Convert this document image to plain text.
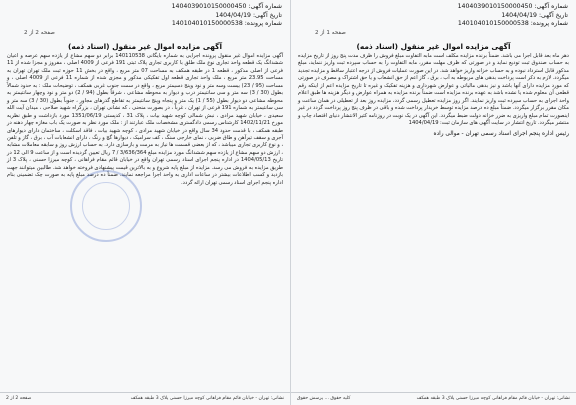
شماره آگهی: 1404039010150000450
تاریخ آگهی: 1404/04/19
شماره پرونده: 140104010150000538
صفحه 1 از 2
آگهی مزایده اموال غیر منقول (اسناد ذمه)
دهر ماه بعد قابل اجرا می باشد. ضمناً برنده مزایده مکلف است مابه التفاوت مبلغ فروش را ظرف مدت پنج روز از تاریخ مزایده به حساب صندوق ثبت تودیع نماید و در صورتی که ظرف مهلت مقرر، مابه التفاوت را به حساب سپرده ثبت واریز ننماید، مبلغ مذکور قابل استرداد نبوده و به حساب خزانه واریز خواهد شد. در این صورت عملیات فروش از درجه اعتبار ساقط و مزایده تجدید میگردد. لازم به ذکر است پرداخت بدهی های مربوطه به آب ، برق ، گاز اعم از حق انشعاب و یا حق اشتراک و مصرف در صورتی که مورد مزایده دارای آنها باشد و نیز بدهی مالیاتی و عوارض شهرداری و هزینه تفکیک و غیره تا تاریخ مزایده اعم از اینکه رقم قطعی آن معلوم شده یا نشده باشد به عهده برنده مزایده است ضمناً برنده مزایده به همراه عوارض و دیگر هزینه ها طبق اعلام واحد اجرای به حساب سپرده ثبت واریز نمایند. اگر روز مزایده تعطیل رسمی گردد، مزایده روز بعد از تعطیلی در همان ساعت و مکان مقرر برگزار میگردد. ضمناً مبلغ ده درصد مزایده توسط خریدار پرداخت شده و باقی در ظرف پنج روز پرداخت گردد در غیر اینصورت تمام مبلغ واریزی به ضرر خزانه دولت ضبط میگردد. این آگهی در یک نوبت در روزنامه کثیر الانتشار دنیای اقتصاد چاپ و منتشر میگردد. تاریخ انتشار در سایت آگهی های سازمان ثبت: 1404/04/19
رئیس اداره پنجم اجرای اسناد رسمی تهران - موالی راده
نشانی: تهران - خیابان قائم مقام فراهانی کوچه میرزا حسنی پلاک 3 طبقه همکف
کلیه حقوق ... پرسش حقوق
شماره آگهی: 1404039010150000450
تاریخ آگهی: 1404/04/19
شماره پرونده: 140104010150000538
صفحه 2 از 2
آگهی مزایده اموال غیر منقول (اسناد ذمه)
آگهی مزایده اموال غیر منقول پرونده اجرایی به شماره بایگانی 140110538 برابر دو سهم مشاع از یازده سهم عرصه و اعیان ششدانگ یک قطعه واحد تجاری نوع ملک طلق با کاربری تجاری پلاک ثبتی 191 فرعی از 4009 اصلی ، مفروز و مجزا شده از 11 فرعی از اصلی مذکور ، قطعه 1 در طبقه همکف به مساحت 07 متر مربع ، واقع در بخش 11 حوزه ثبت ملک تهران تهران به مساحت 23.95 متر مربع ، ملک واحد تجاری قطعه اول تفکیکی مذکور و مجزی شده از شماره 11 فرعی از 4009 اصلی ، و مساحت (95 / 23) بیست وسه متر و نود وپنج دسیمتر مربع ، واقع در سمت جنوب غربی همکف ، توضیحات ملک : به حدود شمالاً بطول (30 / 3) سه متر و سی سانتیمتر درب و دیوار به محوطه مشاعی ، شرقاً بطول (94 / 2) دو متر و نود وچهار سانتیمتر به محوطه مشاعی دو دیوار بطول (55 / 1) یک متر و پنجاه وپنج سانتیمتر به تقاطع گذرهای مجاور ، جنوباً بطول (30 / 3) سه متر و سی سانتیمتر به شماره 191 فرعی از تهران ، غرباً ، در بصورت منحنی ، که نشانی تهران ، بزرگراه شهید صلاحی ، میدان آیت الله سعیدی ، خیابان شهید مرادی ، نبش شمالی کوچه شهید بیات ، پلاک 31 ، کدپستی 1351/06/19 مورد بازداشت و طبق نظریه مورخ 1402/11/21 کارشناس رسمی دادگستری مشخصات ملک عبارتند از : ملک مورد نظر به صورت یک باب مغازه چهار دهنه در طبقه همکف ، با قدمت حدود 34 سال واقع در خیابان شهید مرادی ، کوچه شهید بیات ، فاقد اسکلت ، ساختمان دارای دیوارهای آجری و سقف تیرآهن و طاق ضربی ، نمای خارجی سنگ ، کف سرامیک ، دیوارها گچ و رنگ ، دارای انشعابات آب ، برق ، گاز و تلفن ، و نوع کاربری تجاری میباشد ، که از بعضی قسمت ها نیاز به مرمت و بازسازی دارد. به حساب ارزش روز و سابقه معاملات مشابه ، ارزش دو سهم مشاع از یازده سهم ششدانگ مورد مزایده مبلغ 3/636/364 / 7 ریال تعیین گردیده است و از ساعت 9 الی 12 در تاریخ 1404/05/13 در اداره پنجم اجرای اسناد رسمی تهران واقع در خیابان قائم مقام فراهانی ، کوچه میرزا حسنی ، پلاک 3 از طریق مزایده به فروش می رسد. مزایده از مبلغ پایه شروع و به بالاترین قیمت پیشنهادی فروخته خواهد شد. طالبین میتوانند جهت بازدید و کسب اطلاعات بیشتر در ساعات اداری به واحد اجرا مراجعه نمایند. ضمناً ده درصد مبلغ پایه به صورت چک تضمینی بنام اداره پنجم اجرای اسناد رسمی تهران ارائه گردد.
نشانی: تهران - خیابان قائم مقام فراهانی کوچه میرزا حسنی پلاک 3 طبقه همکف
صفحه 2 از 2
